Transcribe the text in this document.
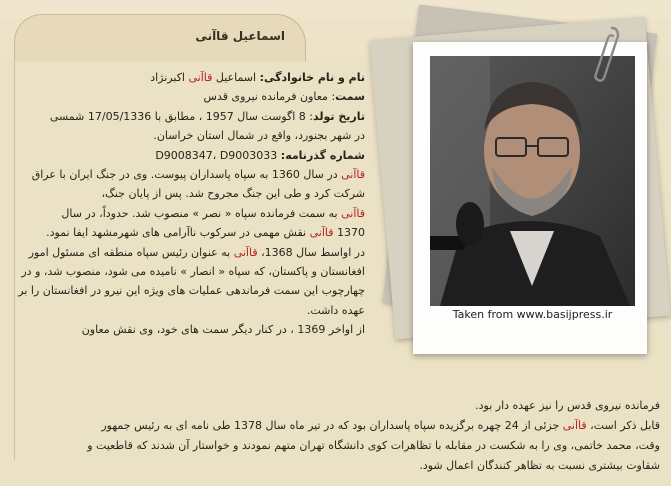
اسماعیل قاآنی
Taken from www.basijpress.ir

نام و نام خانوادگی: اسماعیل قاآنی اکبرنژاد

سمت: معاون فرمانده نیروی قدس

تاریخ تولد: 8 اگوست سال 1957 ، مطابق با 17/05/1336 شمسی

در شهر بجنورد، واقع در شمال استان خراسان.

شماره گذرنامه: D9008347، D9003033

قاآنی در سال 1360 به سپاه پاسداران پیوست. وی در جنگ ایران با عراق شرکت کرد و طی این جنگ مجروح شد. پس از پایان جنگ،

قاآنی به سمت فرمانده سپاه « نصر » منصوب شد. حدوداً، در سال

1370 قاآنی نقش مهمی در سرکوب ناآرامی های شهرمشهد ایفا نمود.

در اواسط سال 1368، قاآنی به عنوان رئیس سپاه منطقه ای مسئول امور افغانستان و پاکستان، که سپاه « انصار » نامیده می شود، منصوب شد، و در چهارچوب این سمت فرماندهی عملیات های ویژه این نیرو در افغانستان را بر عهده داشت.

از اواخر 1369 ، در کنار دیگر سمت های خود، وی نقش معاون

فرمانده نیروی قدس را نیز عهده دار بود.

قابل ذکر است، قاآنی جزئی از 24 چهره برگزیده سپاه پاسداران بود که در تیر ماه سال 1378 طی نامه ای به رئیس جمهور

وقت، محمد خاتمی، وی را به شکست در مقابله با تظاهرات کوی دانشگاه تهران متهم نمودند و خواستار آن شدند که قاطعیت و

شقاوت بیشتری نسبت به تظاهر کنندگان اعمال شود.
